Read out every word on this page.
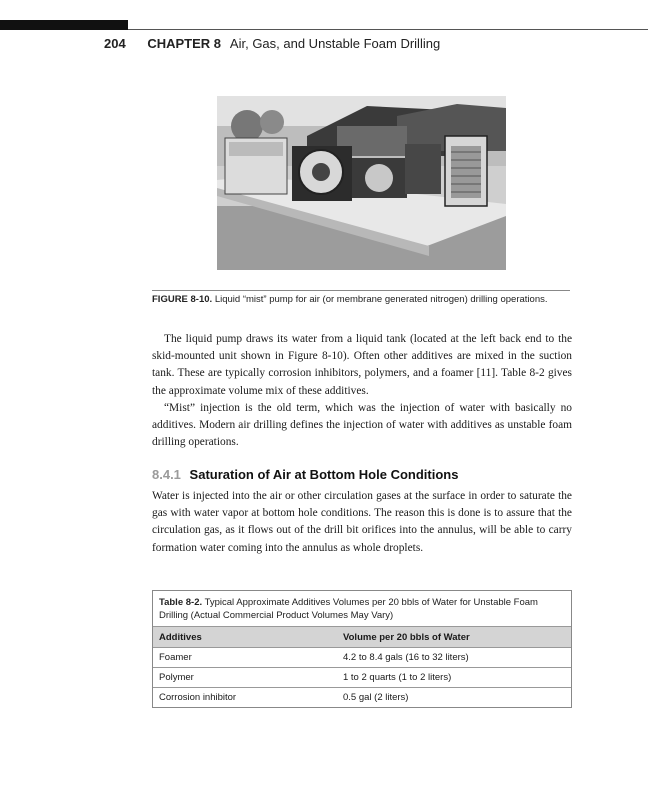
204 CHAPTER 8 Air, Gas, and Unstable Foam Drilling
FIGURE 8-10. Liquid “mist” pump for air (or membrane generated nitrogen) drilling operations.

The liquid pump draws its water from a liquid tank (located at the left back end to the skid-mounted unit shown in Figure 8-10). Often other additives are mixed in the suction tank. These are typically corrosion inhibitors, polymers, and a foamer [11]. Table 8-2 gives the approximate volume mix of these additives.

“Mist” injection is the old term, which was the injection of water with basically no additives. Modern air drilling defines the injection of water with additives as unstable foam drilling operations.

8.4.1 Saturation of Air at Bottom Hole Conditions

Water is injected into the air or other circulation gases at the surface in order to saturate the gas with water vapor at bottom hole conditions. The reason this is done is to assure that the circulation gas, as it flows out of the drill bit orifices into the annulus, will be able to carry formation water coming into the annulus as whole droplets.

Table 8-2. Typical Approximate Additives Volumes per 20 bbls of Water for Unstable Foam Drilling (Actual Commercial Product Volumes May Vary)
Additives	Volume per 20 bbls of Water
Foamer	4.2 to 8.4 gals (16 to 32 liters)
Polymer	1 to 2 quarts (1 to 2 liters)
Corrosion inhibitor	0.5 gal (2 liters)
